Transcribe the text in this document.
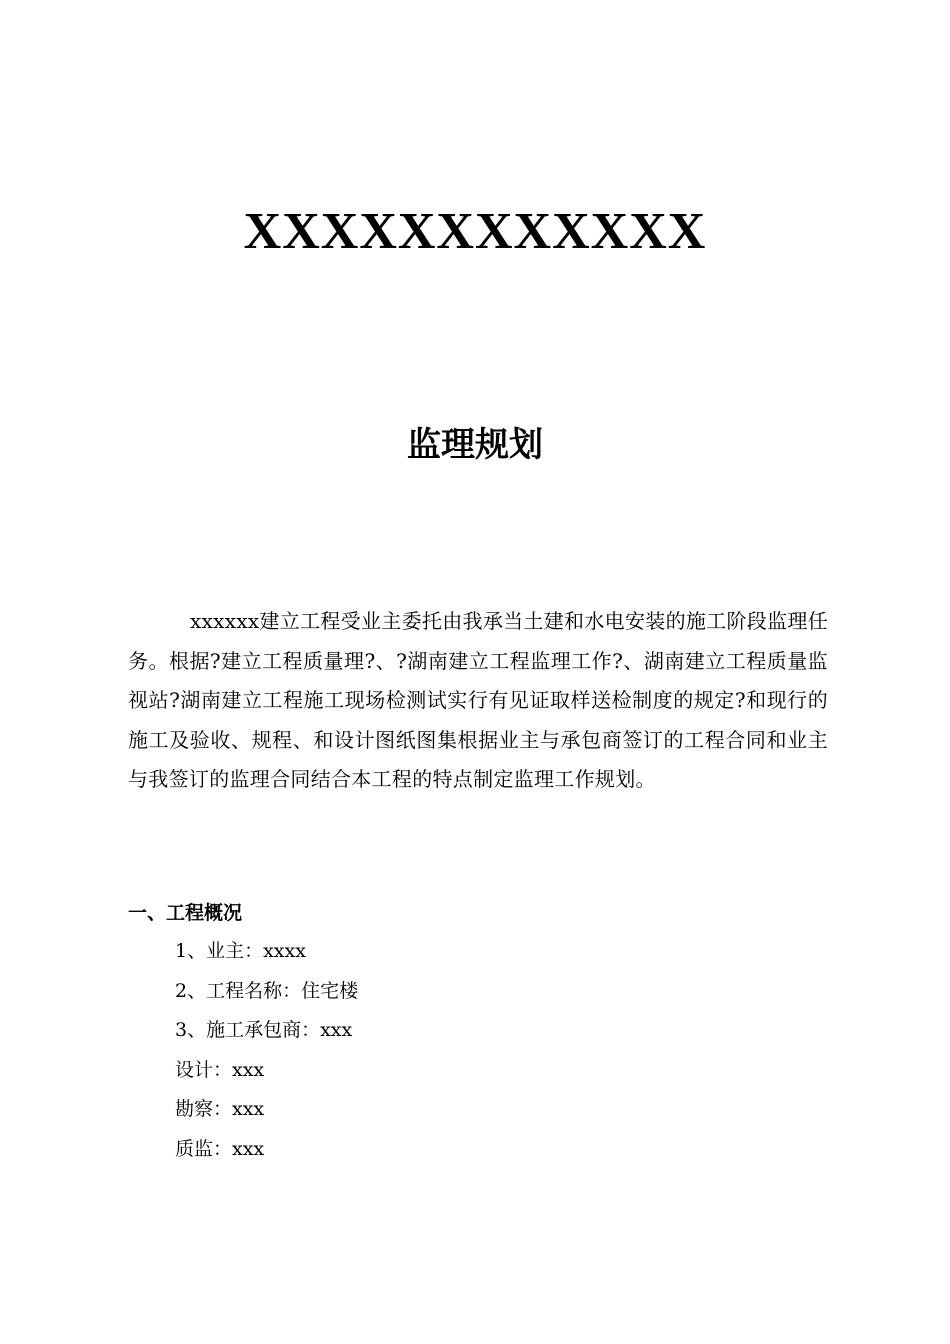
XXXXXXXXXXXX
监理规划

xxxxxx建立工程受业主委托由我承当土建和水电安装的施工阶段监理任务。根据?建立工程质量理?、?湖南建立工程监理工作?、湖南建立工程质量监视站?湖南建立工程施工现场检测试实行有见证取样送检制度的规定?和现行的施工及验收、规程、和设计图纸图集根据业主与承包商签订的工程合同和业主与我签订的监理合同结合本工程的特点制定监理工作规划。

一、工程概况
1、业主：xxxx
2、工程名称：住宅楼
3、施工承包商：xxx
设计：xxx
勘察：xxx
质监：xxx
